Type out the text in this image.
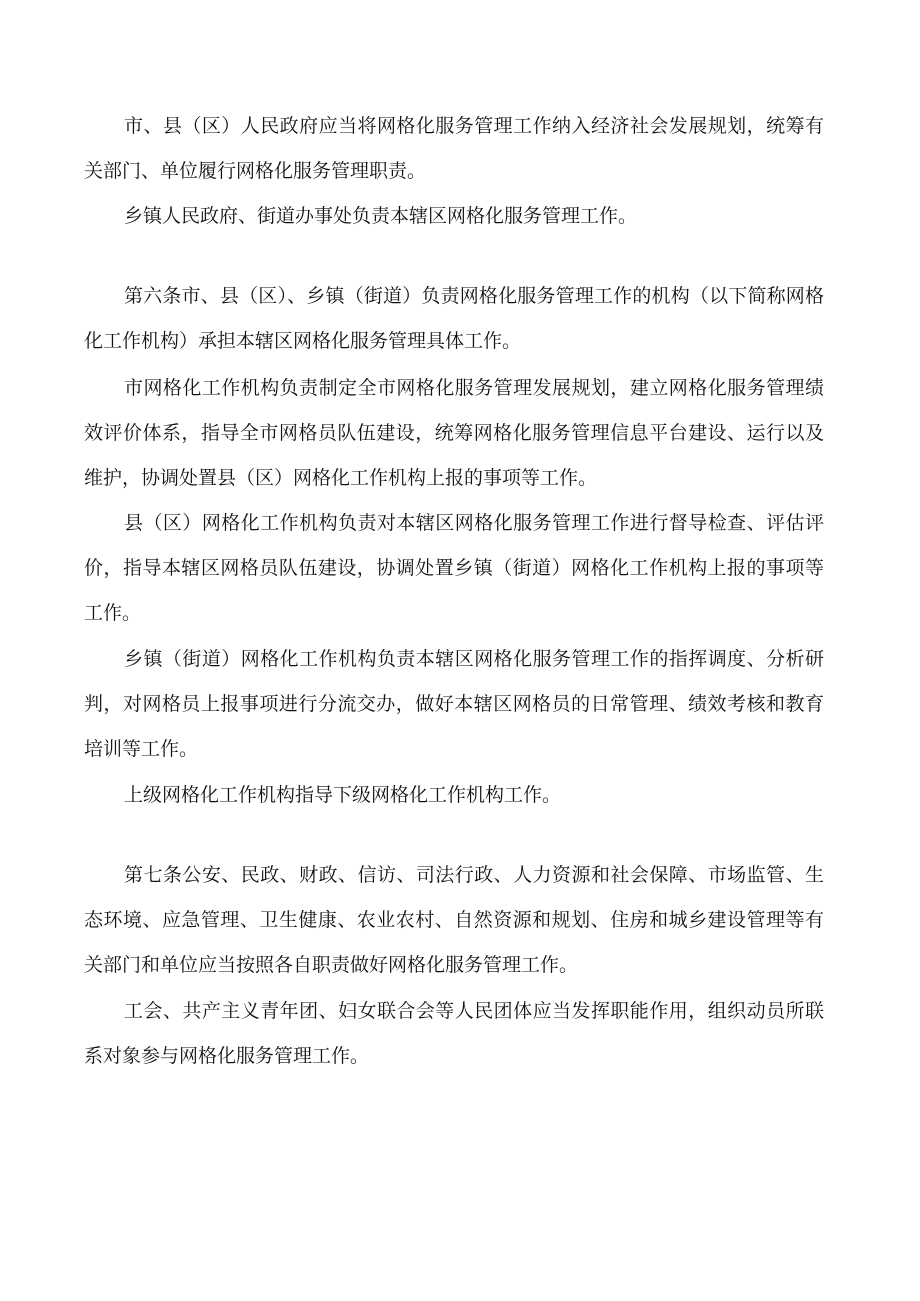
市、县（区）人民政府应当将网格化服务管理工作纳入经济社会发展规划，统筹有关部门、单位履行网格化服务管理职责。

乡镇人民政府、街道办事处负责本辖区网格化服务管理工作。

第六条市、县（区）、乡镇（街道）负责网格化服务管理工作的机构（以下简称网格化工作机构）承担本辖区网格化服务管理具体工作。

市网格化工作机构负责制定全市网格化服务管理发展规划，建立网格化服务管理绩效评价体系，指导全市网格员队伍建设，统筹网格化服务管理信息平台建设、运行以及维护，协调处置县（区）网格化工作机构上报的事项等工作。

县（区）网格化工作机构负责对本辖区网格化服务管理工作进行督导检查、评估评价，指导本辖区网格员队伍建设，协调处置乡镇（街道）网格化工作机构上报的事项等工作。

乡镇（街道）网格化工作机构负责本辖区网格化服务管理工作的指挥调度、分析研判，对网格员上报事项进行分流交办，做好本辖区网格员的日常管理、绩效考核和教育培训等工作。

上级网格化工作机构指导下级网格化工作机构工作。

第七条公安、民政、财政、信访、司法行政、人力资源和社会保障、市场监管、生态环境、应急管理、卫生健康、农业农村、自然资源和规划、住房和城乡建设管理等有关部门和单位应当按照各自职责做好网格化服务管理工作。

工会、共产主义青年团、妇女联合会等人民团体应当发挥职能作用，组织动员所联系对象参与网格化服务管理工作。
